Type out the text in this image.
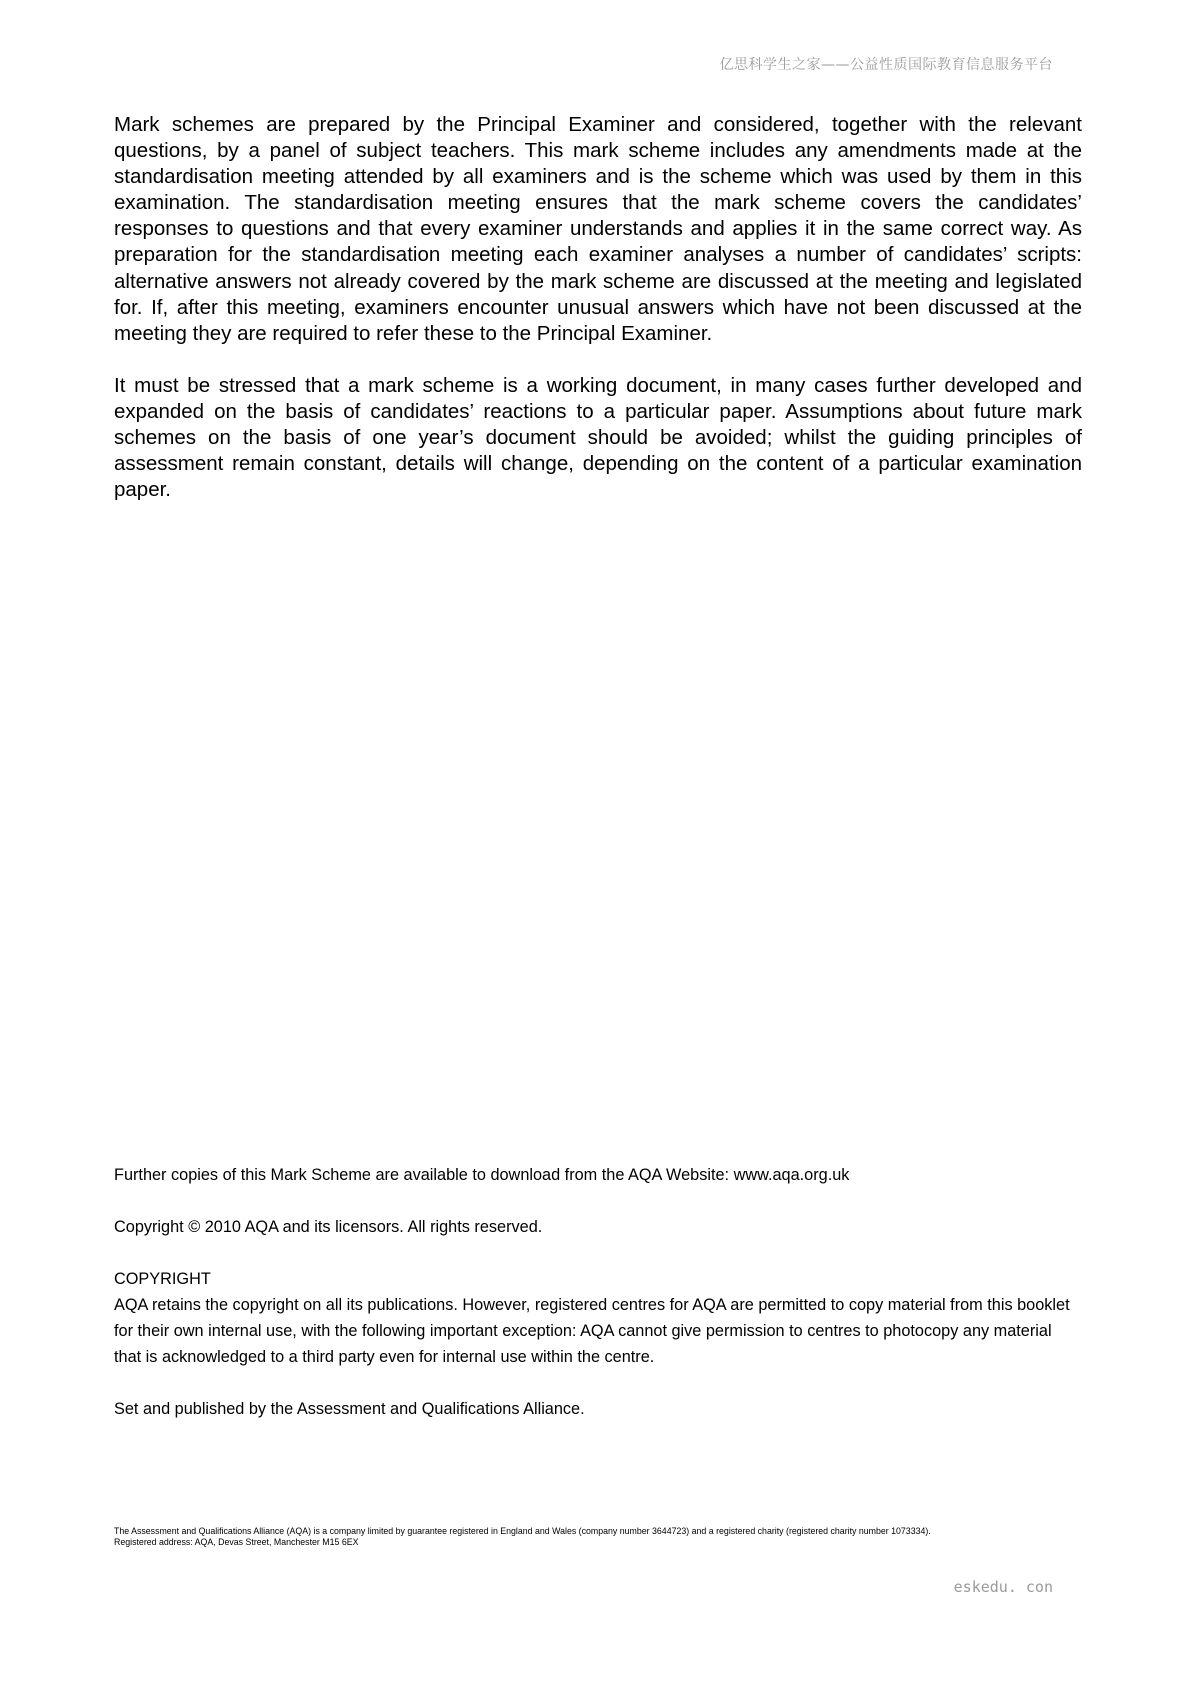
亿思科学生之家——公益性质国际教育信息服务平台

Mark schemes are prepared by the Principal Examiner and considered, together with the relevant questions, by a panel of subject teachers. This mark scheme includes any amendments made at the standardisation meeting attended by all examiners and is the scheme which was used by them in this examination. The standardisation meeting ensures that the mark scheme covers the candidates’ responses to questions and that every examiner understands and applies it in the same correct way. As preparation for the standardisation meeting each examiner analyses a number of candidates’ scripts: alternative answers not already covered by the mark scheme are discussed at the meeting and legislated for. If, after this meeting, examiners encounter unusual answers which have not been discussed at the meeting they are required to refer these to the Principal Examiner.

It must be stressed that a mark scheme is a working document, in many cases further developed and expanded on the basis of candidates’ reactions to a particular paper. Assumptions about future mark schemes on the basis of one year’s document should be avoided; whilst the guiding principles of assessment remain constant, details will change, depending on the content of a particular examination paper.

Further copies of this Mark Scheme are available to download from the AQA Website: www.aqa.org.uk

Copyright © 2010 AQA and its licensors. All rights reserved.

COPYRIGHT

AQA retains the copyright on all its publications. However, registered centres for AQA are permitted to copy material from this booklet for their own internal use, with the following important exception: AQA cannot give permission to centres to photocopy any material that is acknowledged to a third party even for internal use within the centre.

Set and published by the Assessment and Qualifications Alliance.

The Assessment and Qualifications Alliance (AQA) is a company limited by guarantee registered in England and Wales (company number 3644723) and a registered charity (registered charity number 1073334).

Registered address: AQA, Devas Street, Manchester M15 6EX

eskedu. con
